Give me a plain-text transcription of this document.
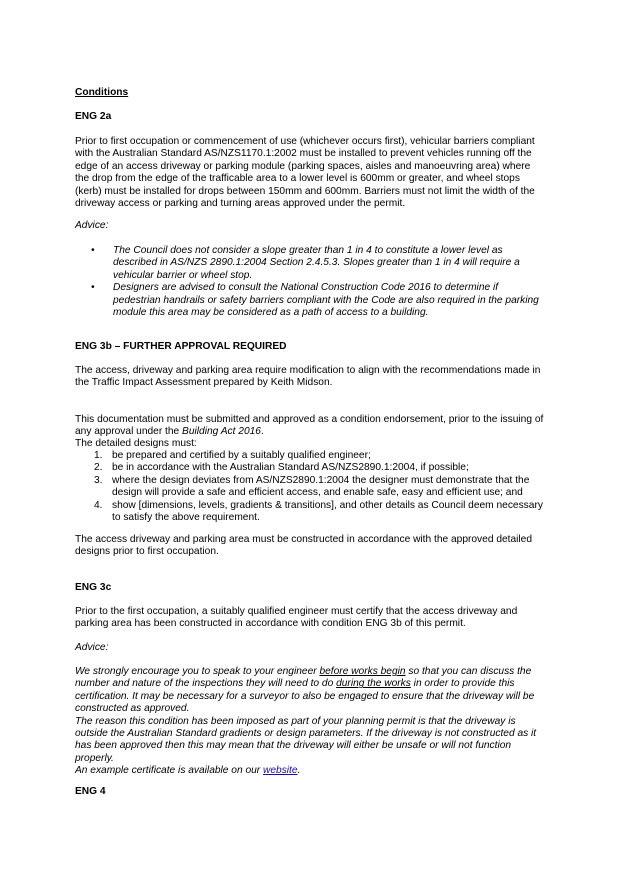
Conditions
ENG 2a

Prior to first occupation or commencement of use (whichever occurs first), vehicular barriers compliant with the Australian Standard AS/NZS1170.1:2002 must be installed to prevent vehicles running off the edge of an access driveway or parking module (parking spaces, aisles and manoeuvring area) where the drop from the edge of the trafficable area to a lower level is 600mm or greater, and wheel stops (kerb) must be installed for drops between 150mm and 600mm. Barriers must not limit the width of the driveway access or parking and turning areas approved under the permit.

Advice:
• The Council does not consider a slope greater than 1 in 4 to constitute a lower level as described in AS/NZS 2890.1:2004 Section 2.4.5.3. Slopes greater than 1 in 4 will require a vehicular barrier or wheel stop.
• Designers are advised to consult the National Construction Code 2016 to determine if pedestrian handrails or safety barriers compliant with the Code are also required in the parking module this area may be considered as a path of access to a building.
ENG 3b – FURTHER APPROVAL REQUIRED

The access, driveway and parking area require modification to align with the recommendations made in the Traffic Impact Assessment prepared by Keith Midson.

This documentation must be submitted and approved as a condition endorsement, prior to the issuing of any approval under the Building Act 2016.

The detailed designs must:
1. be prepared and certified by a suitably qualified engineer;
2. be in accordance with the Australian Standard AS/NZS2890.1:2004, if possible;
3. where the design deviates from AS/NZS2890.1:2004 the designer must demonstrate that the design will provide a safe and efficient access, and enable safe, easy and efficient use; and
4. show [dimensions, levels, gradients & transitions], and other details as Council deem necessary to satisfy the above requirement.

The access driveway and parking area must be constructed in accordance with the approved detailed designs prior to first occupation.

ENG 3c

Prior to the first occupation, a suitably qualified engineer must certify that the access driveway and parking area has been constructed in accordance with condition ENG 3b of this permit.

Advice:

We strongly encourage you to speak to your engineer before works begin so that you can discuss the number and nature of the inspections they will need to do during the works in order to provide this certification. It may be necessary for a surveyor to also be engaged to ensure that the driveway will be constructed as approved.

The reason this condition has been imposed as part of your planning permit is that the driveway is outside the Australian Standard gradients or design parameters. If the driveway is not constructed as it has been approved then this may mean that the driveway will either be unsafe or will not function properly.

An example certificate is available on our website.

ENG 4
